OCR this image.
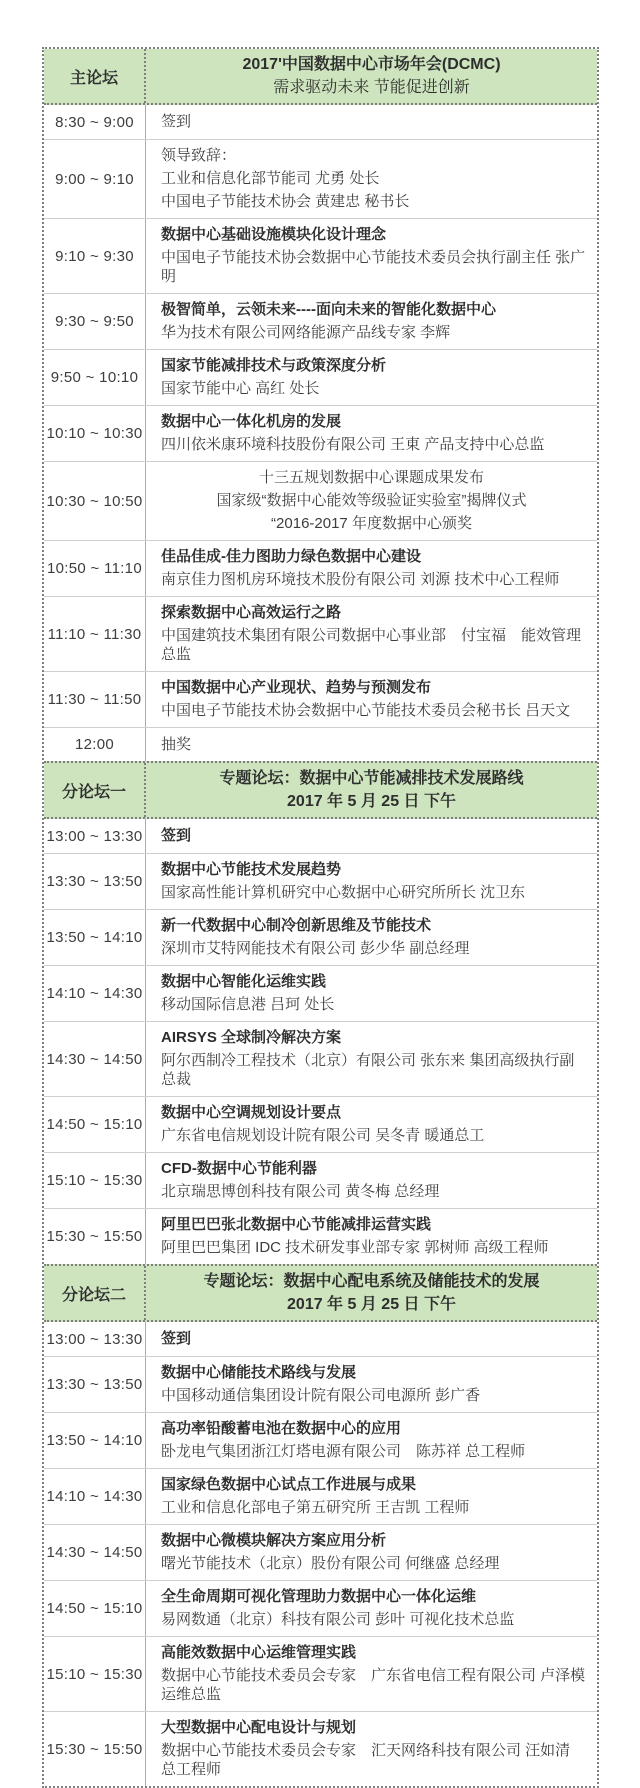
主论坛
2017'中国数据中心市场年会(DCMC)
需求驱动未来 节能促进创新
8:30 ~ 9:00	签到
9:00 ~ 9:10
领导致辞：
工业和信息化部节能司 尤勇 处长
中国电子节能技术协会 黄建忠 秘书长
9:10 ~ 9:30
数据中心基础设施模块化设计理念
中国电子节能技术协会数据中心节能技术委员会执行副主任 张广明
9:30 ~ 9:50
极智简单，云领未来----面向未来的智能化数据中心
华为技术有限公司网络能源产品线专家 李辉
9:50 ~ 10:10
国家节能减排技术与政策深度分析
国家节能中心 高红 处长
10:10 ~ 10:30
数据中心一体化机房的发展
四川依米康环境科技股份有限公司 王東 产品支持中心总监
10:30 ~ 10:50
十三五规划数据中心课题成果发布
国家级“数据中心能效等级验证实验室”揭牌仪式
“2016-2017 年度数据中心颁奖
10:50 ~ 11:10
佳品佳成-佳力图助力绿色数据中心建设
南京佳力图机房环境技术股份有限公司 刘源 技术中心工程师
11:10 ~ 11:30
探索数据中心高效运行之路
中国建筑技术集团有限公司数据中心事业部　付宝福　能效管理总监
11:30 ~ 11:50
中国数据中心产业现状、趋势与预测发布
中国电子节能技术协会数据中心节能技术委员会秘书长 吕天文
12:00	抽奖
分论坛一
专题论坛：数据中心节能减排技术发展路线
2017 年 5 月 25 日 下午
13:00 ~ 13:30 签到
13:30 ~ 13:50
数据中心节能技术发展趋势
国家高性能计算机研究中心数据中心研究所所长 沈卫东
13:50 ~ 14:10
新一代数据中心制冷创新思维及节能技术
深圳市艾特网能技术有限公司 彭少华 副总经理
14:10 ~ 14:30
数据中心智能化运维实践
移动国际信息港 吕珂 处长
14:30 ~ 14:50
AIRSYS 全球制冷解决方案
阿尔西制冷工程技术（北京）有限公司 张东来 集团高级执行副总裁
14:50 ~ 15:10
数据中心空调规划设计要点
广东省电信规划设计院有限公司 吴冬青 暖通总工
15:10 ~ 15:30
CFD-数据中心节能利器
北京瑞思博创科技有限公司 黄冬梅 总经理
15:30 ~ 15:50
阿里巴巴张北数据中心节能减排运营实践
阿里巴巴集团 IDC 技术研发事业部专家 郭树师 高级工程师
分论坛二
专题论坛：数据中心配电系统及储能技术的发展
2017 年 5 月 25 日 下午
13:00 ~ 13:30 签到
13:30 ~ 13:50
数据中心储能技术路线与发展
中国移动通信集团设计院有限公司电源所 彭广香
13:50 ~ 14:10
高功率铅酸蓄电池在数据中心的应用
卧龙电气集团浙江灯塔电源有限公司　陈苏祥 总工程师
14:10 ~ 14:30
国家绿色数据中心试点工作进展与成果
工业和信息化部电子第五研究所 王吉凯 工程师
14:30 ~ 14:50
数据中心微模块解决方案应用分析
曙光节能技术（北京）股份有限公司 何继盛 总经理
14:50 ~ 15:10
全生命周期可视化管理助力数据中心一体化运维
易网数通（北京）科技有限公司 彭叶 可视化技术总监
15:10 ~ 15:30
高能效数据中心运维管理实践
数据中心节能技术委员会专家　广东省电信工程有限公司 卢泽模 运维总监
15:30 ~ 15:50
大型数据中心配电设计与规划
数据中心节能技术委员会专家　汇天网络科技有限公司 汪如清 总工程师
